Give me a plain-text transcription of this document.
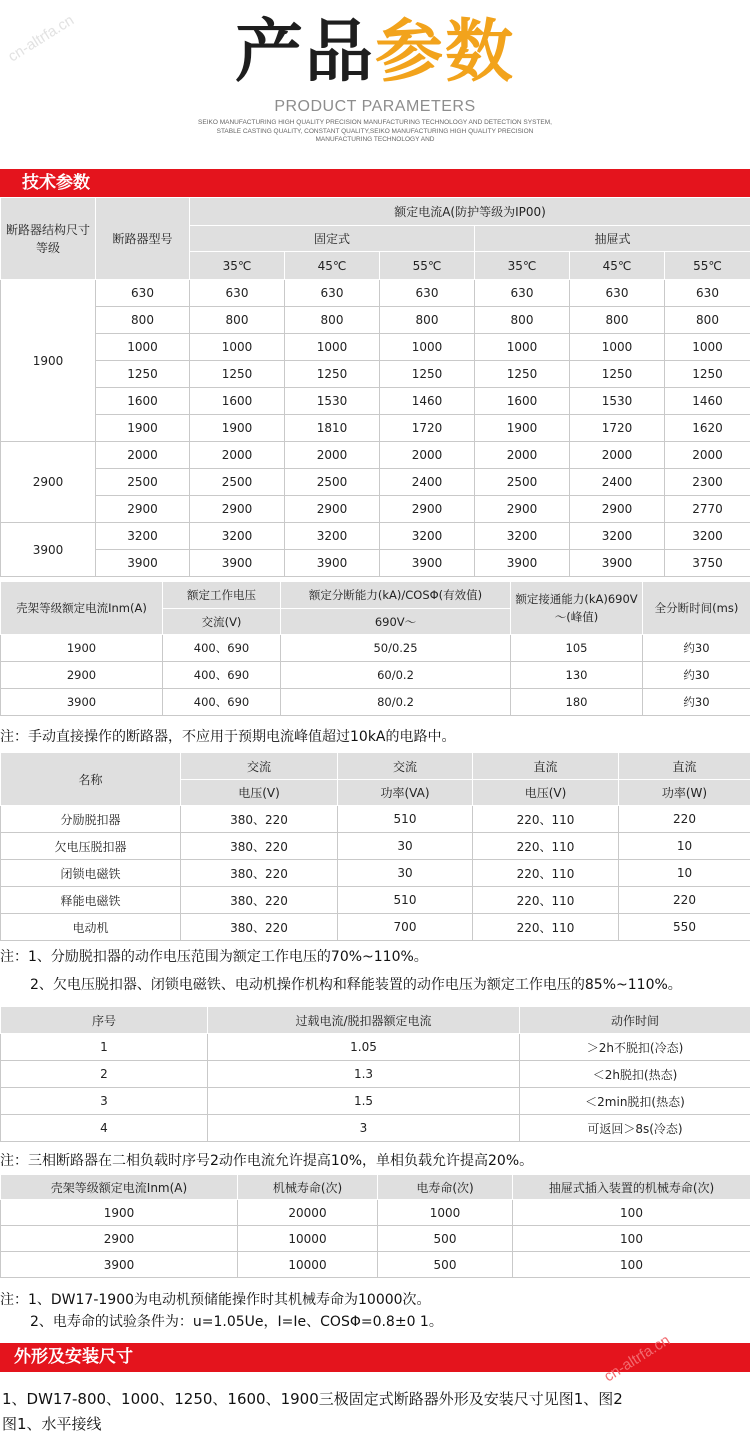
产品参数
PRODUCT PARAMETERS
SEIKO MANUFACTURING HIGH QUALITY PRECISION MANUFACTURING TECHNOLOGY AND DETECTION SYSTEM, STABLE CASTING QUALITY, CONSTANT QUALITY,SEIKO MANUFACTURING HIGH QUALITY PRECISION MANUFACTURING TECHNOLOGY AND
cn-altrfa.cn
技术参数
断路器结构尺寸等级	断路器型号	额定电流A(防护等级为IP00)					
		固定式			抽屉式		
		35℃	45℃	55℃	35℃	45℃	55℃
1900	630	630	630	630	630	630	630
	800	800	800	800	800	800	800
	1000	1000	1000	1000	1000	1000	1000
	1250	1250	1250	1250	1250	1250	1250
	1600	1600	1530	1460	1600	1530	1460
	1900	1900	1810	1720	1900	1720	1620
2900	2000	2000	2000	2000	2000	2000	2000
	2500	2500	2500	2400	2500	2400	2300
	2900	2900	2900	2900	2900	2900	2770
3900	3200	3200	3200	3200	3200	3200	3200
	3900	3900	3900	3900	3900	3900	3750
壳架等级额定电流Inm(A)	额定工作电压	额定分断能力(kA)/COSΦ(有效值)	额定接通能力(kA)690V～(峰值)	全分断时间(ms)
	交流(V)	690V～		
1900	400、690	50/0.25	105	约30
2900	400、690	60/0.2	130	约30
3900	400、690	80/0.2	180	约30
注：手动直接操作的断路器，不应用于预期电流峰值超过10kA的电路中。
名称	交流	交流	直流	直流
	电压(V)	功率(VA)	电压(V)	功率(W)
分励脱扣器	380、220	510	220、110	220
欠电压脱扣器	380、220	30	220、110	10
闭锁电磁铁	380、220	30	220、110	10
释能电磁铁	380、220	510	220、110	220
电动机	380、220	700	220、110	550
注：1、分励脱扣器的动作电压范围为额定工作电压的70%~110%。
2、欠电压脱扣器、闭锁电磁铁、电动机操作机构和释能装置的动作电压为额定工作电压的85%~110%。
序号	过载电流/脱扣器额定电流	动作时间
1	1.05	＞2h不脱扣(冷态)
2	1.3	＜2h脱扣(热态)
3	1.5	＜2min脱扣(热态)
4	3	可返回＞8s(冷态)
注：三相断路器在二相负载时序号2动作电流允许提高10%，单相负载允许提高20%。
壳架等级额定电流Inm(A)	机械寿命(次)	电寿命(次)	抽屉式插入装置的机械寿命(次)
1900	20000	1000	100
2900	10000	500	100
3900	10000	500	100
注：1、DW17-1900为电动机预储能操作时其机械寿命为10000次。
2、电寿命的试验条件为：u=1.05Ue，I=Ie、COSΦ=0.8±0 1。
外形及安装尺寸	cn-altrfa.cn
1、DW17-800、1000、1250、1600、1900三极固定式断路器外形及安装尺寸见图1、图2
图1、水平接线
